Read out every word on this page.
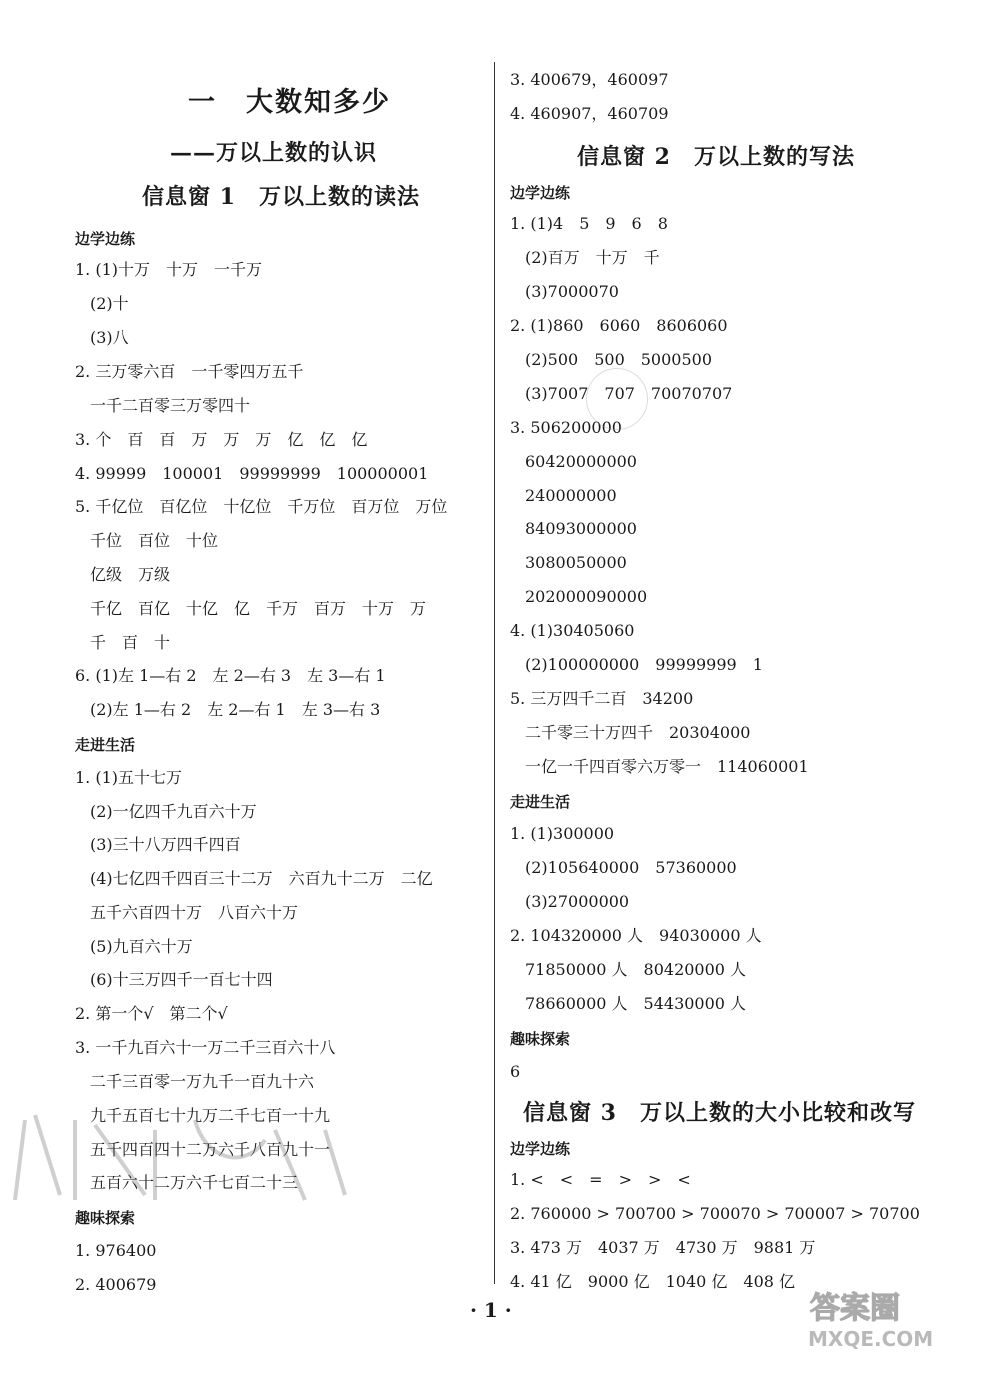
一　大数知多少
——万以上数的认识
信息窗 1　万以上数的读法
边学边练
1. (1)十万　十万　一千万
(2)十
(3)八
2. 三万零六百　一千零四万五千
一千二百零三万零四十
3. 个　百　百　万　万　万　亿　亿　亿
4. 99999　100001　99999999　100000001
5. 千亿位　百亿位　十亿位　千万位　百万位　万位
千位　百位　十位
亿级　万级
千亿　百亿　十亿　亿　千万　百万　十万　万
千　百　十
6. (1)左 1—右 2　左 2—右 3　左 3—右 1
(2)左 1—右 2　左 2—右 1　左 3—右 3
走进生活
1. (1)五十七万
(2)一亿四千九百六十万
(3)三十八万四千四百
(4)七亿四千四百三十二万　六百九十二万　二亿
五千六百四十万　八百六十万
(5)九百六十万
(6)十三万四千一百七十四
2. 第一个√　第二个√
3. 一千九百六十一万二千三百六十八
二千三百零一万九千一百九十六
九千五百七十九万二千七百一十九
五千四百四十二万六千八百九十一
五百六十二万六千七百二十三
趣味探索
1. 976400
2. 400679
3. 400679，460097
4. 460907，460709
信息窗 2　万以上数的写法
边学边练
1. (1)4　5　9　6　8
(2)百万　十万　千
(3)7000070
2. (1)860　6060　8606060
(2)500　500　5000500
(3)7007　707　70070707
3. 506200000
60420000000
240000000
84093000000
3080050000
202000090000
4. (1)30405060
(2)100000000　99999999　1
5. 三万四千二百　34200
二千零三十万四千　20304000
一亿一千四百零六万零一　114060001
走进生活
1. (1)300000
(2)105640000　57360000
(3)27000000
2. 104320000 人　94030000 人
71850000 人　80420000 人
78660000 人　54430000 人
趣味探索
6
信息窗 3　万以上数的大小比较和改写
边学边练
1. <　<　=　>　>　<
2. 760000 > 700700 > 700070 > 700007 > 70700
3. 473 万　4037 万　4730 万　9881 万
4. 41 亿　9000 亿　1040 亿　408 亿
· 1 ·	答案圈
MXQE.COM
